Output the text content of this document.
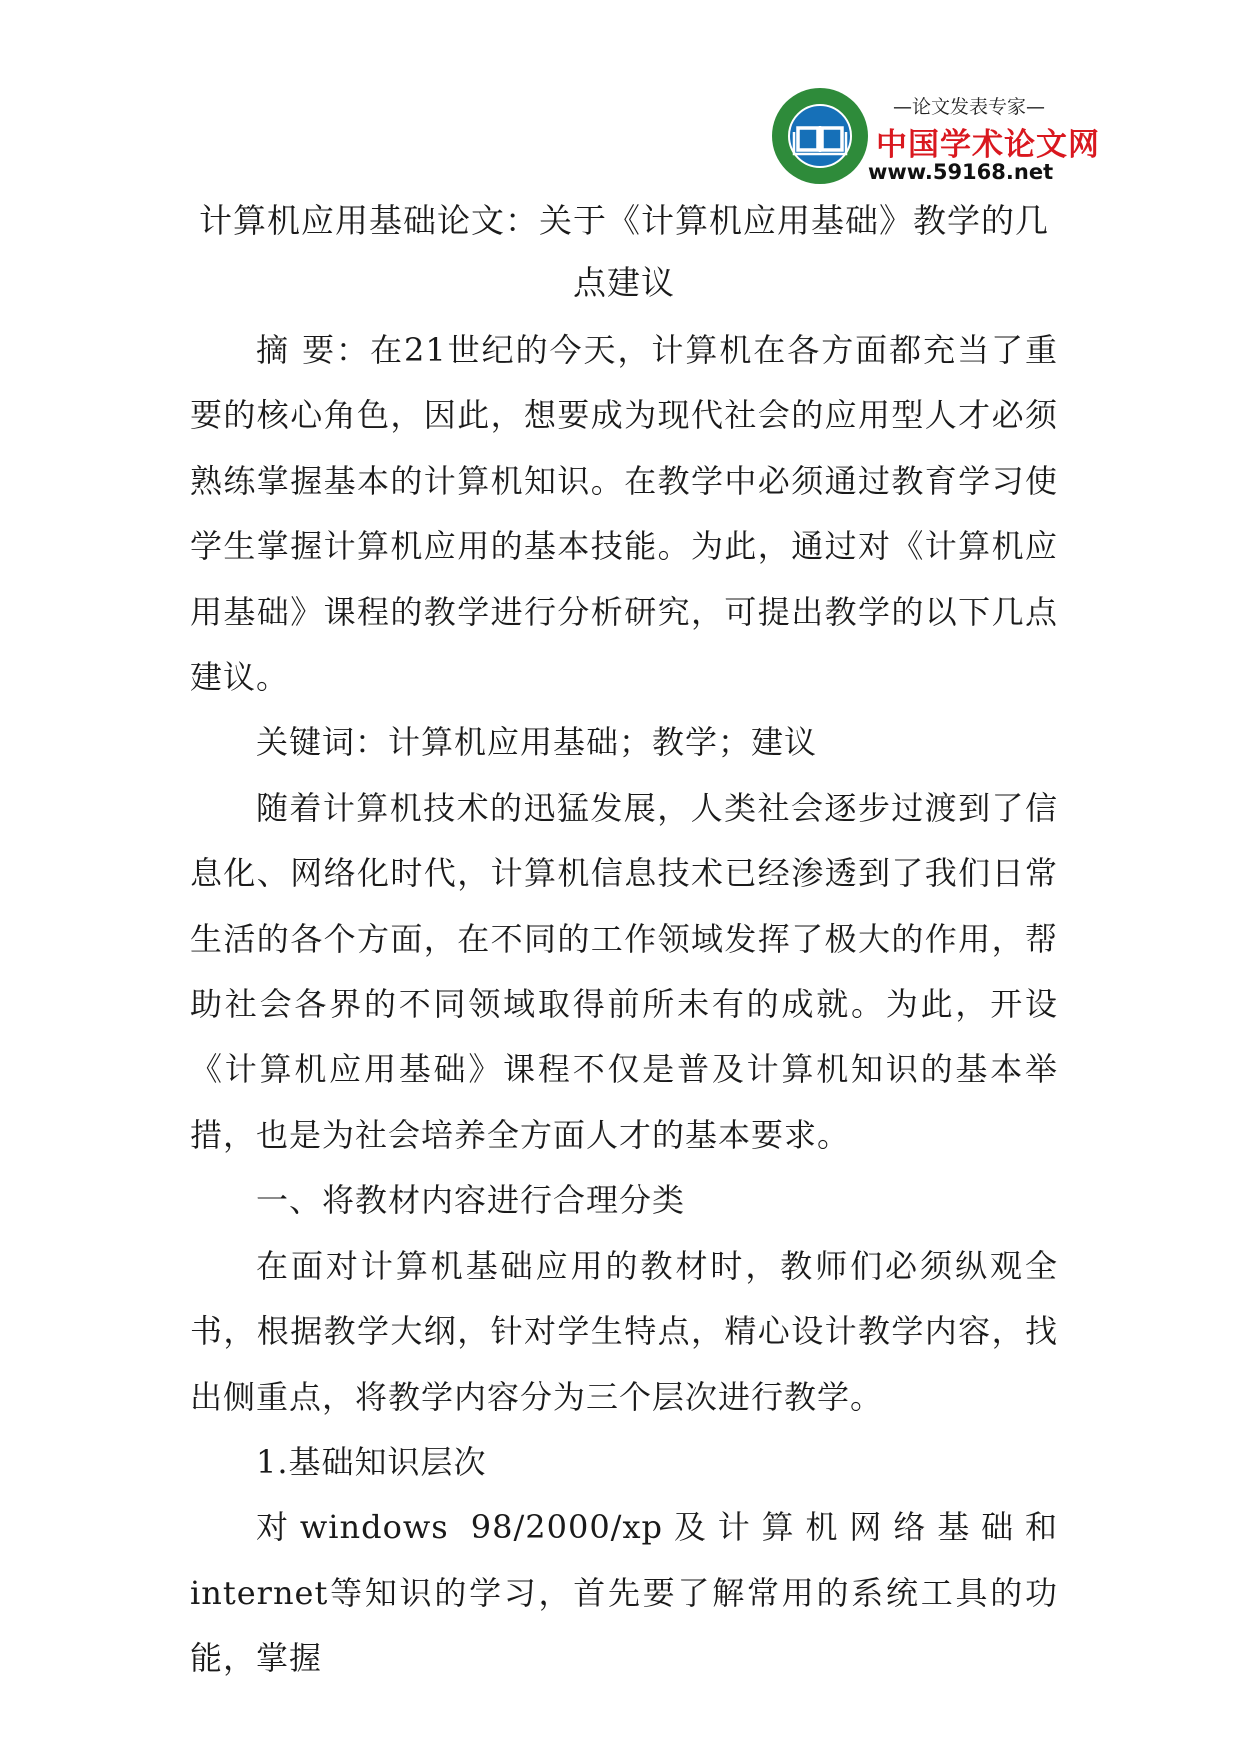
—论文发表专家—
中国学术论文网
www.59168.net
计算机应用基础论文：关于《计算机应用基础》教学的几点建议

摘 要：在21世纪的今天，计算机在各方面都充当了重要的核心角色，因此，想要成为现代社会的应用型人才必须熟练掌握基本的计算机知识。在教学中必须通过教育学习使学生掌握计算机应用的基本技能。为此，通过对《计算机应用基础》课程的教学进行分析研究，可提出教学的以下几点建议。

关键词：计算机应用基础；教学；建议

随着计算机技术的迅猛发展，人类社会逐步过渡到了信息化、网络化时代，计算机信息技术已经渗透到了我们日常生活的各个方面，在不同的工作领域发挥了极大的作用，帮助社会各界的不同领域取得前所未有的成就。为此，开设《计算机应用基础》课程不仅是普及计算机知识的基本举措，也是为社会培养全方面人才的基本要求。

一、将教材内容进行合理分类

在面对计算机基础应用的教材时，教师们必须纵观全书，根据教学大纲，针对学生特点，精心设计教学内容，找出侧重点，将教学内容分为三个层次进行教学。

1.基础知识层次

对windows 98/2000/xp及计算机网络基础和internet等知识的学习，首先要了解常用的系统工具的功能，掌握
